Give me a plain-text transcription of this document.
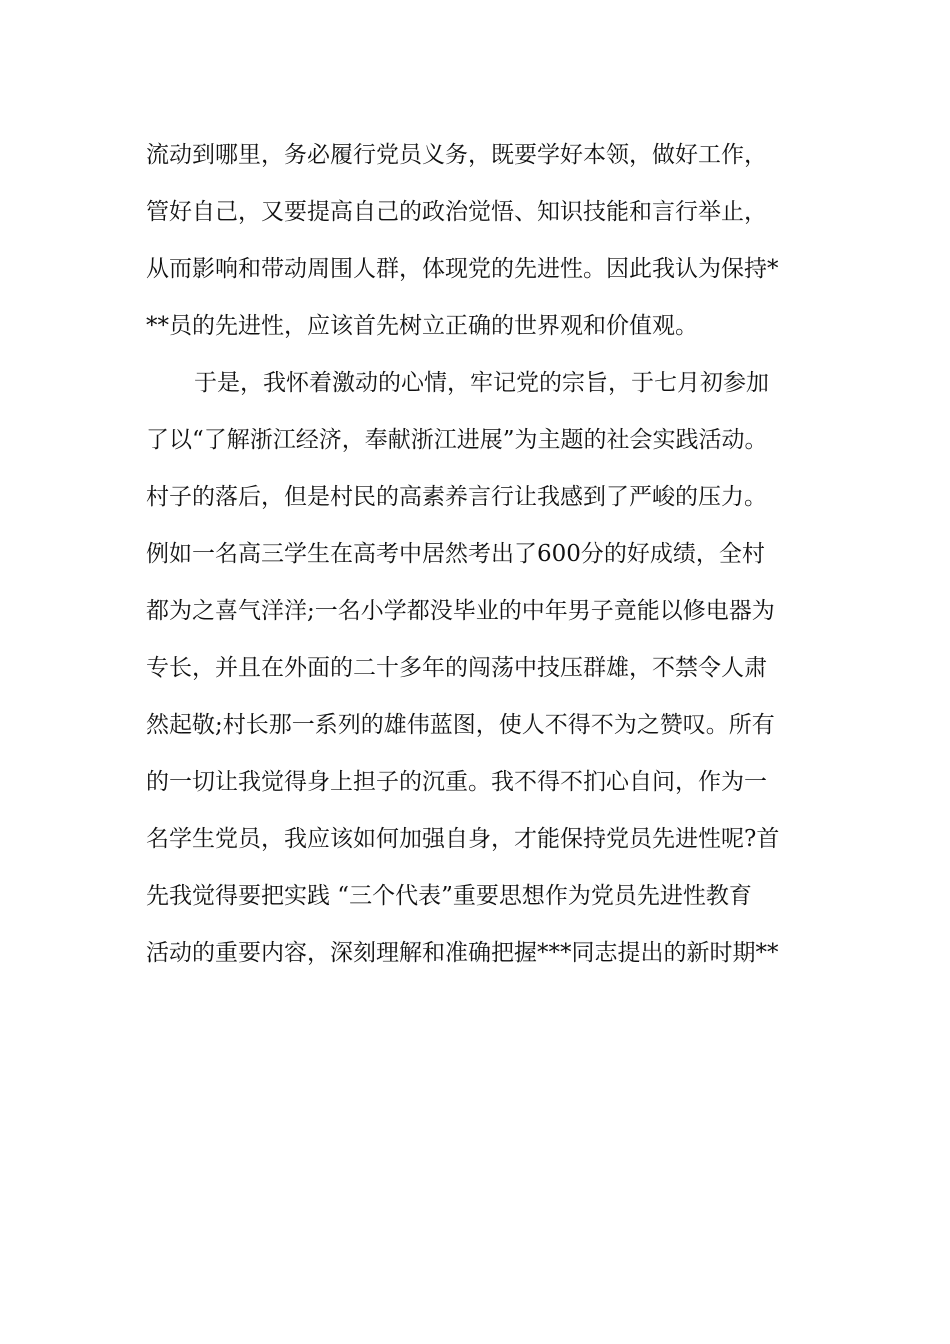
流动到哪里，务必履行党员义务，既要学好本领，做好工作，
管好自己，又要提高自己的政治觉悟、知识技能和言行举止，
从而影响和带动周围人群，体现党的先进性。因此我认为保持*
**员的先进性，应该首先树立正确的世界观和价值观。
于是，我怀着激动的心情，牢记党的宗旨，于七月初参加
了以“了解浙江经济，奉献浙江进展”为主题的社会实践活动。
村子的落后，但是村民的高素养言行让我感到了严峻的压力。
例如一名高三学生在高考中居然考出了600分的好成绩，全村
都为之喜气洋洋;一名小学都没毕业的中年男子竟能以修电器为
专长，并且在外面的二十多年的闯荡中技压群雄，不禁令人肃
然起敬;村长那一系列的雄伟蓝图，使人不得不为之赞叹。所有
的一切让我觉得身上担子的沉重。我不得不扪心自问，作为一
名学生党员，我应该如何加强自身，才能保持党员先进性呢?首
先我觉得要把实践 “三个代表”重要思想作为党员先进性教育
活动的重要内容，深刻理解和准确把握***同志提出的新时期**
